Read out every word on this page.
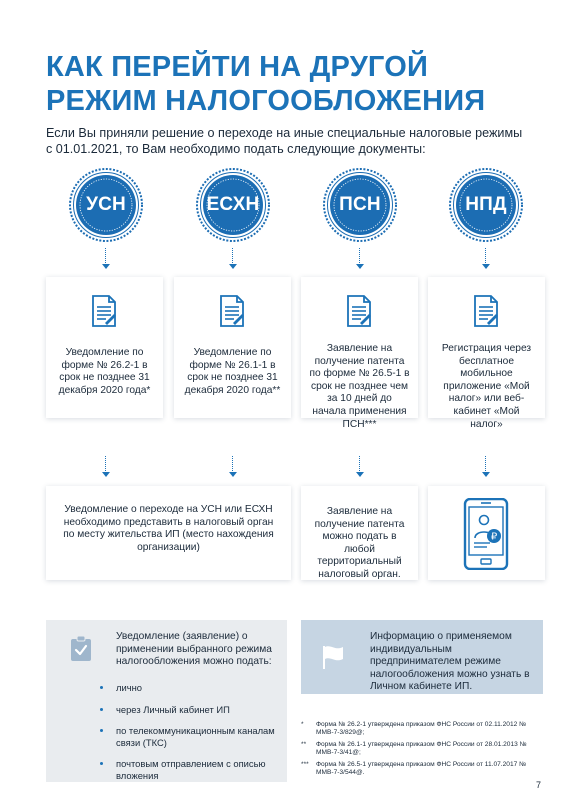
КАК ПЕРЕЙТИ НА ДРУГОЙ РЕЖИМ НАЛОГООБЛОЖЕНИЯ
Если Вы приняли решение о переходе на иные специальные налоговые режимы с 01.01.2021, то Вам необходимо подать следующие документы:
УСН	ЕСХН	ПСН	НПД
Уведомление по форме № 26.2-1 в срок не позднее 31 декабря 2020 года*
Уведомление по форме № 26.1-1 в срок не позднее 31 декабря 2020 года**
Заявление на получение патента по форме № 26.5-1 в срок не позднее чем за 10 дней до начала применения ПСН***
Регистрация через бесплатное мобильное приложение «Мой налог» или веб-кабинет «Мой налог»
Уведомление о переходе на УСН или ЕСХН необходимо представить в налоговый орган по месту жительства ИП (место нахождения организации)
Заявление на получение патента можно подать в любой территориальный налоговый орган.
₽
Уведомление (заявление) о применении выбранного режима налогообложения можно подать:
лично
через Личный кабинет ИП
по телекоммуникационным каналам связи (ТКС)
почтовым отправлением с описью вложения
Информацию о применяемом индивидуальным предпринимателем режиме налогообложения можно узнать в Личном кабинете ИП.
* Форма № 26.2-1 утверждена приказом ФНС России от 02.11.2012 № ММВ-7-3/829@;
** Форма № 26.1-1 утверждена приказом ФНС России от 28.01.2013 № ММВ-7-3/41@;
*** Форма № 26.5-1 утверждена приказом ФНС России от 11.07.2017 № ММВ-7-3/544@.
7
